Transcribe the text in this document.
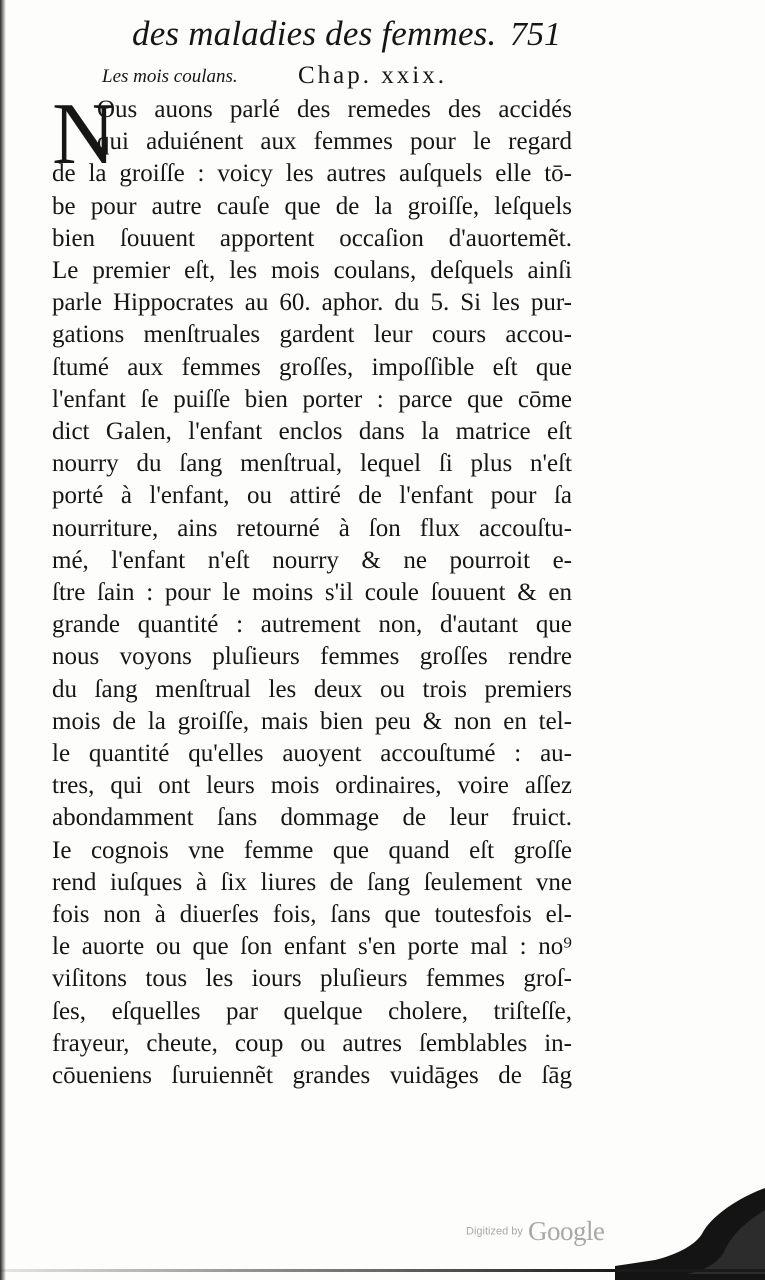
des maladies des femmes. 751
Les mois coulans. Chap. xxix.
N
Ous auons parlé des remedes des accidés
qui aduiénent aux femmes pour le regard
de la groiſſe : voicy les autres auſquels elle tō-
be pour autre cauſe que de la groiſſe, leſquels
bien ſouuent apportent occaſion d'auortemẽt.
Le premier eſt, les mois coulans, deſquels ainſi
parle Hippocrates au 60. aphor. du 5. Si les pur-
gations menſtruales gardent leur cours accou-
ſtumé aux femmes groſſes, impoſſible eſt que
l'enfant ſe puiſſe bien porter : parce que cōme
dict Galen, l'enfant enclos dans la matrice eſt
nourry du ſang menſtrual, lequel ſi plus n'eſt
porté à l'enfant, ou attiré de l'enfant pour ſa
nourriture, ains retourné à ſon flux accouſtu-
mé, l'enfant n'eſt nourry & ne pourroit e-
ſtre ſain : pour le moins s'il coule ſouuent & en
grande quantité : autrement non, d'autant que
nous voyons pluſieurs femmes groſſes rendre
du ſang menſtrual les deux ou trois premiers
mois de la groiſſe, mais bien peu & non en tel-
le quantité qu'elles auoyent accouſtumé : au-
tres, qui ont leurs mois ordinaires, voire aſſez
abondamment ſans dommage de leur fruict.
Ie cognois vne femme que quand eſt groſſe
rend iuſques à ſix liures de ſang ſeulement vne
fois non à diuerſes fois, ſans que toutesfois el-
le auorte ou que ſon enfant s'en porte mal : no⁹
viſitons tous les iours pluſieurs femmes groſ-
ſes, eſquelles par quelque cholere, triſteſſe,
frayeur, cheute, coup ou autres ſemblables in-
cōueniens ſuruiennẽt grandes vuidāges de ſāg
Digitized by Google
